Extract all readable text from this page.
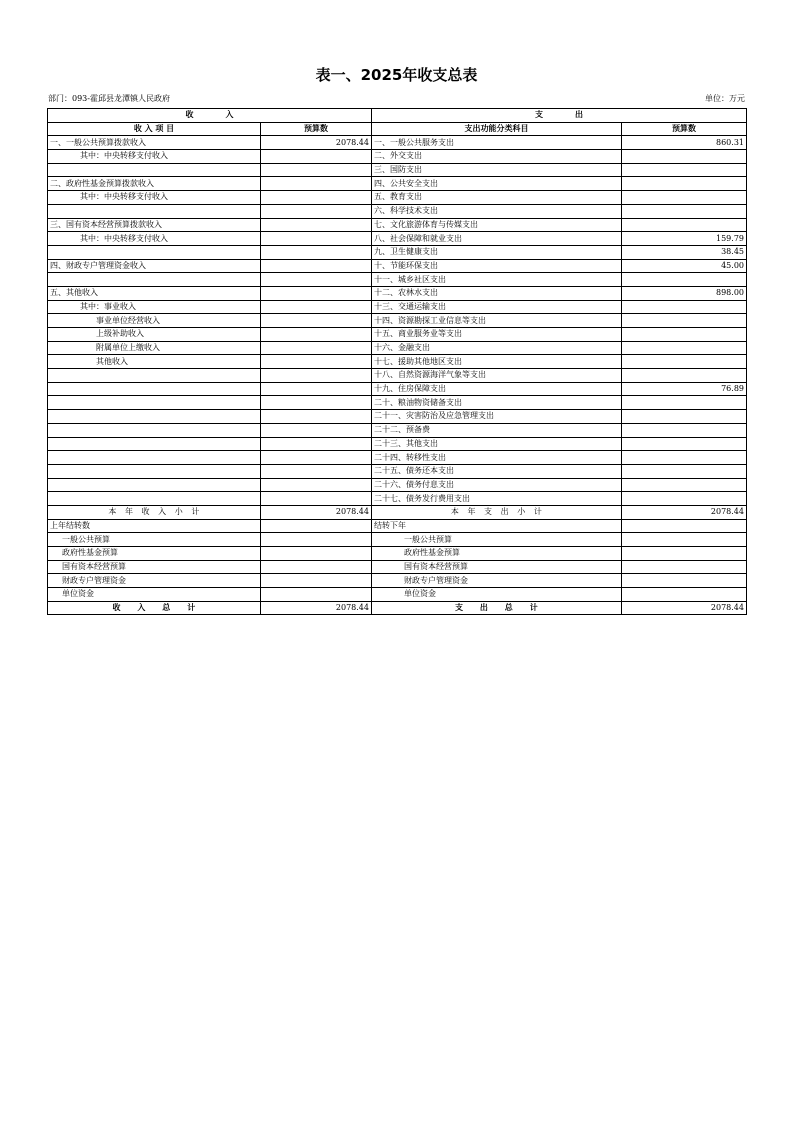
表一、2025年收支总表
部门：093-霍邱县龙潭镇人民政府	单位：万元
收　　　　入		支　　　　出	
收 入 项 目	预算数	支出功能分类科目	预算数
一、一般公共预算拨款收入	2078.44	一、一般公共服务支出	860.31
其中：中央转移支付收入		二、外交支出	
		三、国防支出	
二、政府性基金预算拨款收入		四、公共安全支出	
其中：中央转移支付收入		五、教育支出	
		六、科学技术支出	
三、国有资本经营预算拨款收入		七、文化旅游体育与传媒支出	
其中：中央转移支付收入		八、社会保障和就业支出	159.79
		九、卫生健康支出	38.45
四、财政专户管理资金收入		十、节能环保支出	45.00
		十一、城乡社区支出	
五、其他收入		十二、农林水支出	898.00
其中：事业收入		十三、交通运输支出	
事业单位经营收入		十四、资源勘探工业信息等支出	
上级补助收入		十五、商业服务业等支出	
附属单位上缴收入		十六、金融支出	
其他收入		十七、援助其他地区支出	
		十八、自然资源海洋气象等支出	
		十九、住房保障支出	76.89
		二十、粮油物资储备支出	
		二十一、灾害防治及应急管理支出	
		二十二、预备费	
		二十三、其他支出	
		二十四、转移性支出	
		二十五、债务还本支出	
		二十六、债务付息支出	
		二十七、债务发行费用支出	
本　年　收　入　小　计	2078.44	本　年　支　出　小　计	2078.44
上年结转数		结转下年	
一般公共预算		一般公共预算	
政府性基金预算		政府性基金预算	
国有资本经营预算		国有资本经营预算	
财政专户管理资金		财政专户管理资金	
单位资金		单位资金	
收　　入　　总　　计	2078.44	支　　出　　总　　计	2078.44
